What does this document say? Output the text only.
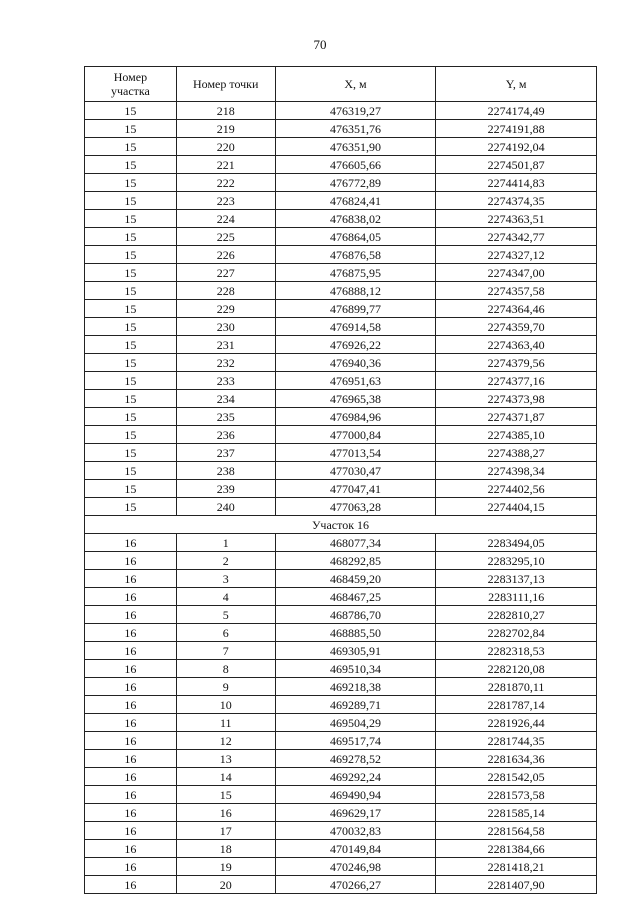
70
Номер
участка	Номер точки	X, м	Y, м
15	218	476319,27	2274174,49
15	219	476351,76	2274191,88
15	220	476351,90	2274192,04
15	221	476605,66	2274501,87
15	222	476772,89	2274414,83
15	223	476824,41	2274374,35
15	224	476838,02	2274363,51
15	225	476864,05	2274342,77
15	226	476876,58	2274327,12
15	227	476875,95	2274347,00
15	228	476888,12	2274357,58
15	229	476899,77	2274364,46
15	230	476914,58	2274359,70
15	231	476926,22	2274363,40
15	232	476940,36	2274379,56
15	233	476951,63	2274377,16
15	234	476965,38	2274373,98
15	235	476984,96	2274371,87
15	236	477000,84	2274385,10
15	237	477013,54	2274388,27
15	238	477030,47	2274398,34
15	239	477047,41	2274402,56
15	240	477063,28	2274404,15
Участок 16			
16	1	468077,34	2283494,05
16	2	468292,85	2283295,10
16	3	468459,20	2283137,13
16	4	468467,25	2283111,16
16	5	468786,70	2282810,27
16	6	468885,50	2282702,84
16	7	469305,91	2282318,53
16	8	469510,34	2282120,08
16	9	469218,38	2281870,11
16	10	469289,71	2281787,14
16	11	469504,29	2281926,44
16	12	469517,74	2281744,35
16	13	469278,52	2281634,36
16	14	469292,24	2281542,05
16	15	469490,94	2281573,58
16	16	469629,17	2281585,14
16	17	470032,83	2281564,58
16	18	470149,84	2281384,66
16	19	470246,98	2281418,21
16	20	470266,27	2281407,90
